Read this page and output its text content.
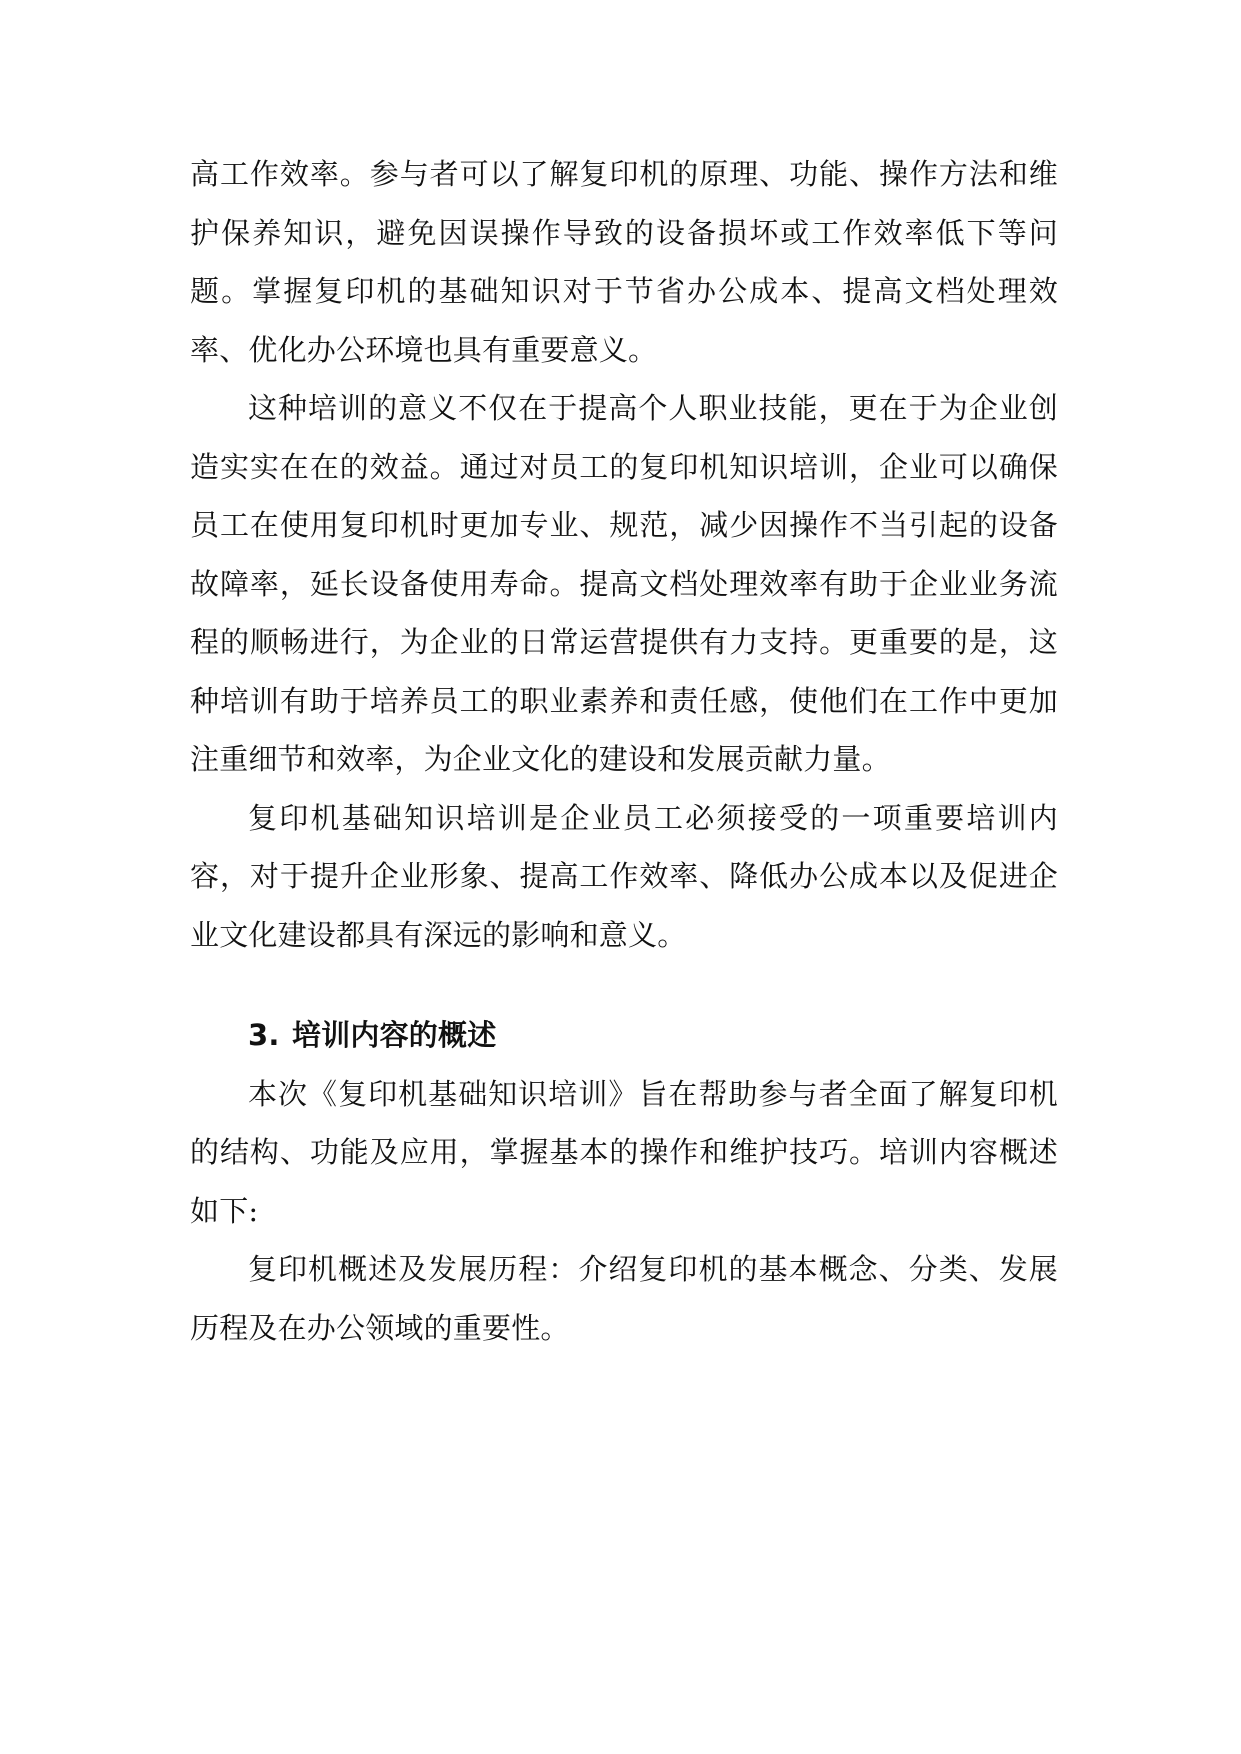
高工作效率。参与者可以了解复印机的原理、功能、操作方法和维护保养知识，避免因误操作导致的设备损坏或工作效率低下等问题。掌握复印机的基础知识对于节省办公成本、提高文档处理效率、优化办公环境也具有重要意义。

这种培训的意义不仅在于提高个人职业技能，更在于为企业创造实实在在的效益。通过对员工的复印机知识培训，企业可以确保员工在使用复印机时更加专业、规范，减少因操作不当引起的设备故障率，延长设备使用寿命。提高文档处理效率有助于企业业务流程的顺畅进行，为企业的日常运营提供有力支持。更重要的是，这种培训有助于培养员工的职业素养和责任感，使他们在工作中更加注重细节和效率，为企业文化的建设和发展贡献力量。

复印机基础知识培训是企业员工必须接受的一项重要培训内容，对于提升企业形象、提高工作效率、降低办公成本以及促进企业文化建设都具有深远的影响和意义。

3. 培训内容的概述

本次《复印机基础知识培训》旨在帮助参与者全面了解复印机的结构、功能及应用，掌握基本的操作和维护技巧。培训内容概述如下:

复印机概述及发展历程：介绍复印机的基本概念、分类、发展历程及在办公领域的重要性。
